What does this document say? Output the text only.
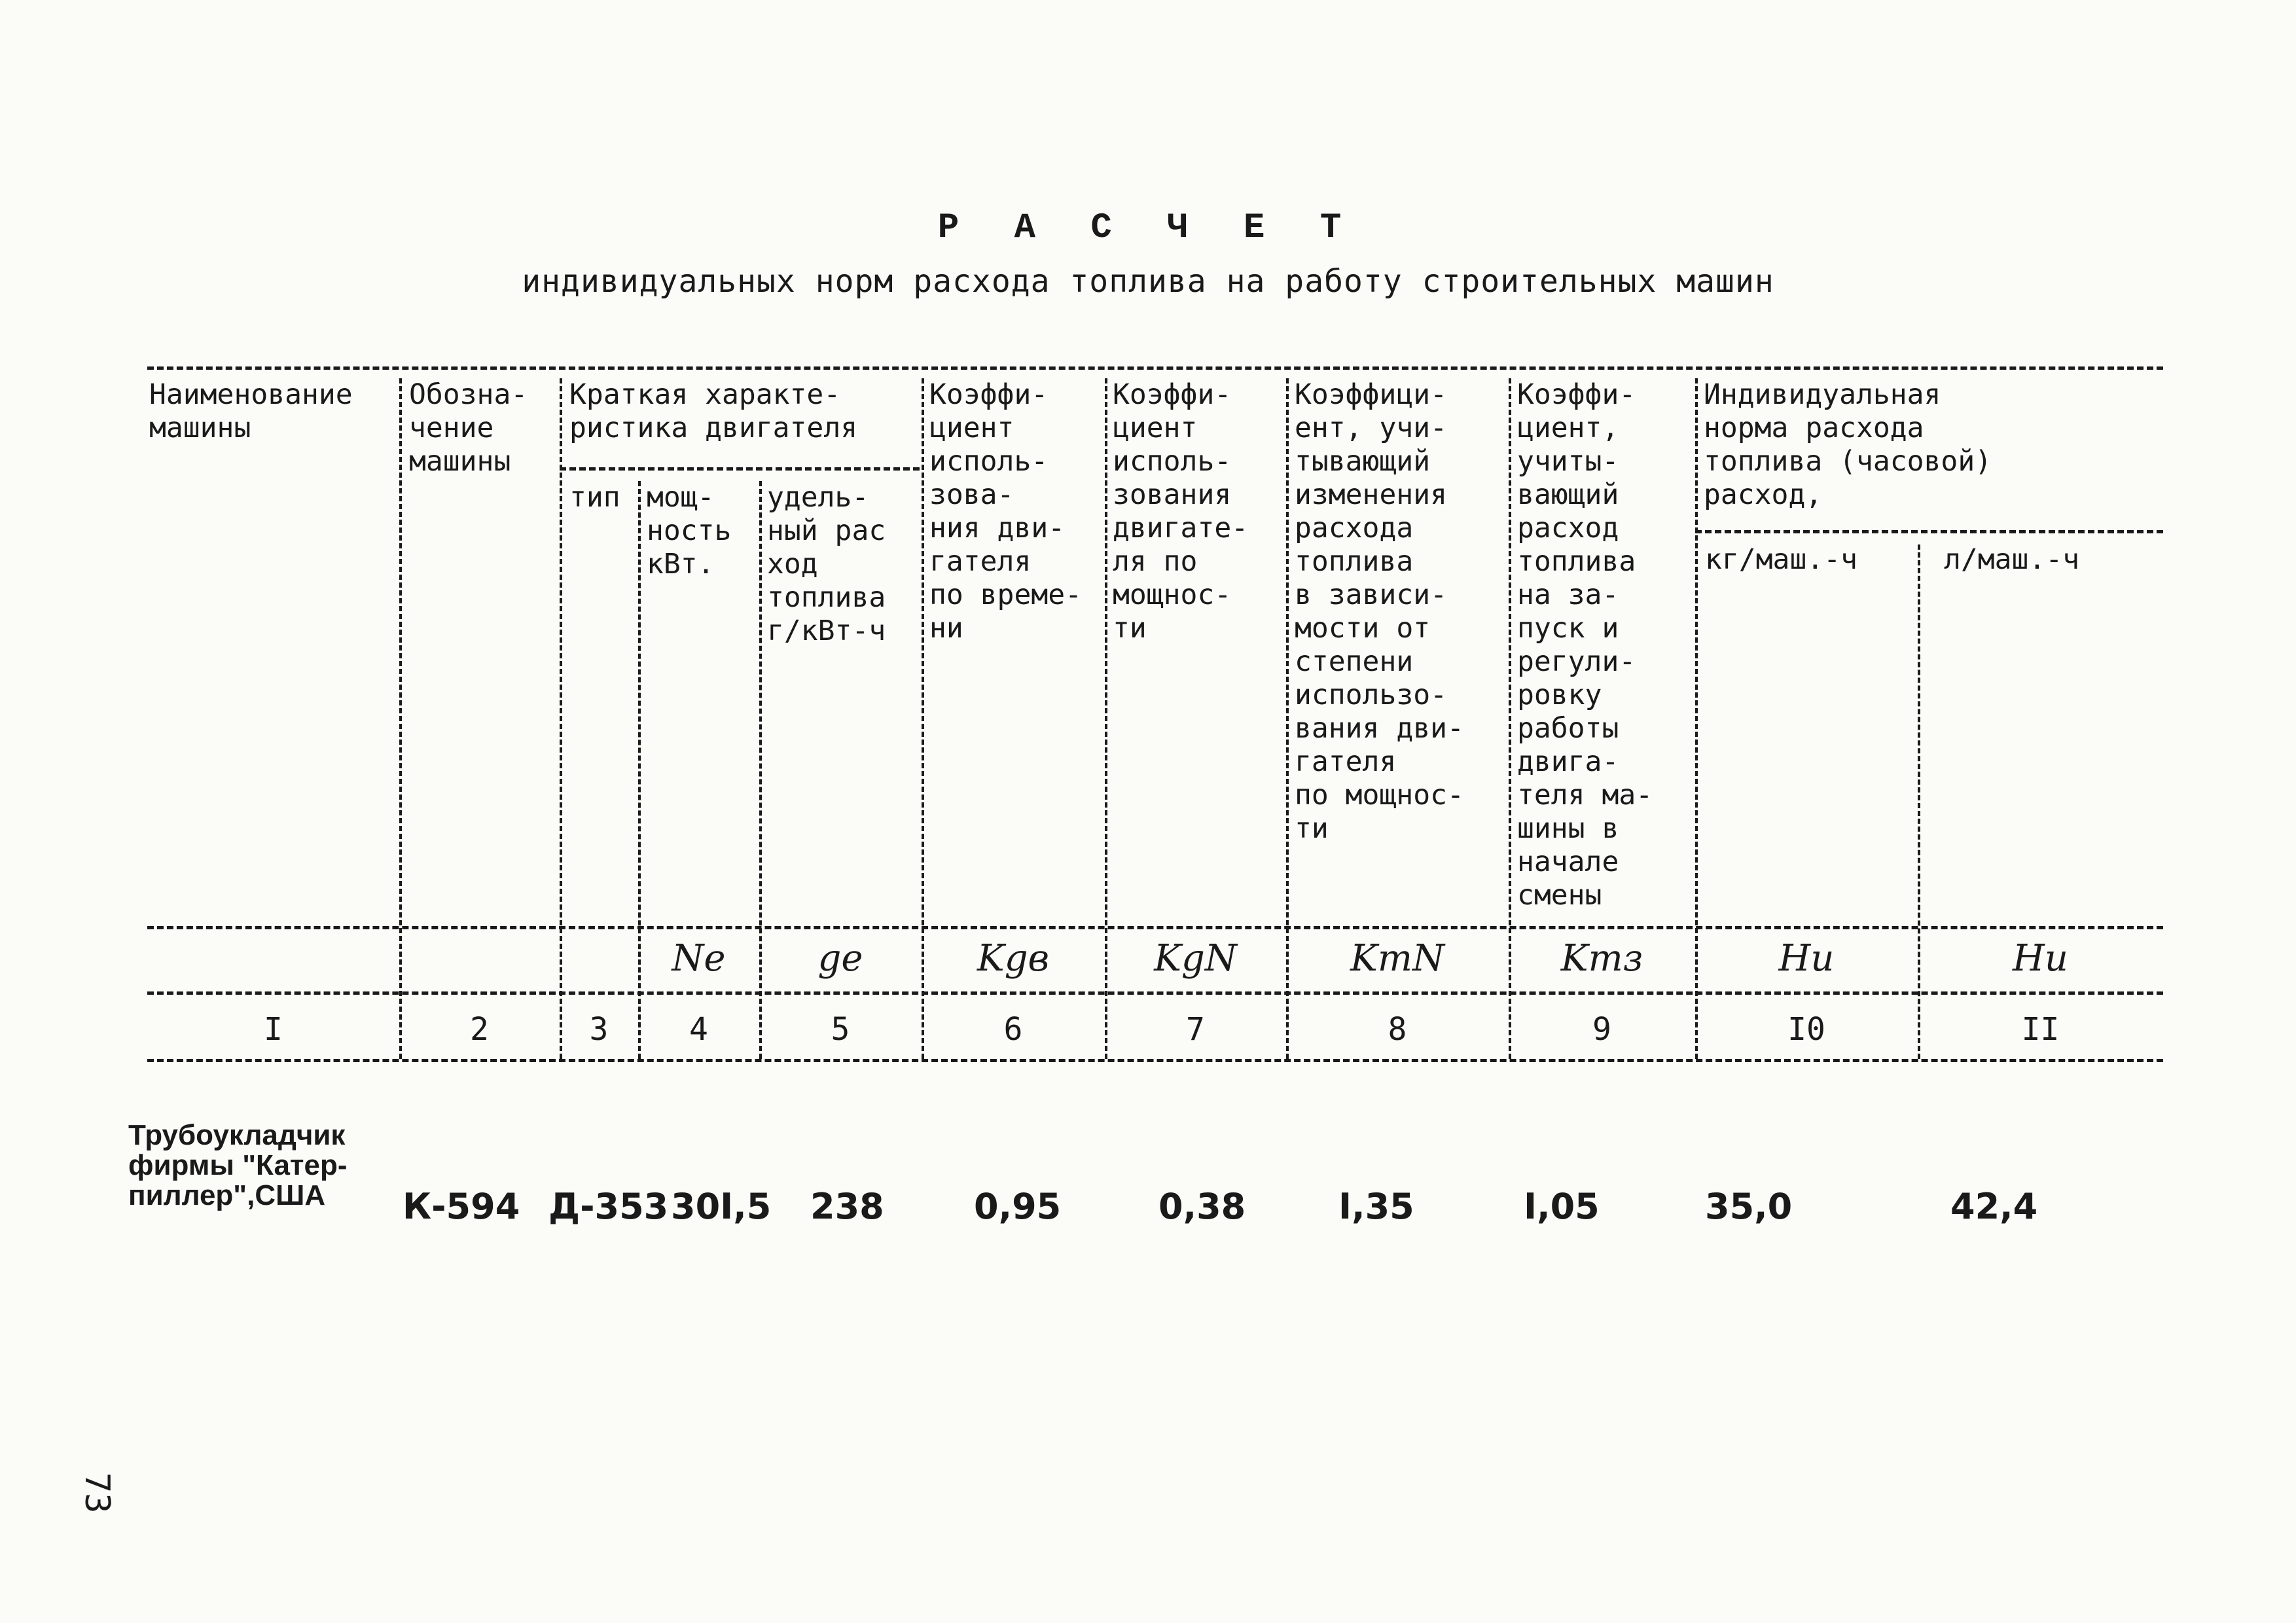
Р А С Ч Е Т
индивидуальных норм расхода топлива на работу строительных машин
Наименование
машины
Обозна-
чение
машины
Краткая характе-
ристика двигателя
тип мощ-
ность
кВт.
удель-
ный рас
ход
топлива
г/кВт-ч
Коэффи-
циент
исполь-
зова-
ния дви-
гателя
по време-
ни
Коэффи-
циент
исполь-
зования
двигате-
ля по
мощнос-
ти
Коэффици-
ент, учи-
тывающий
изменения
расхода
топлива
в зависи-
мости от
степени
использо-
вания дви-
гателя
по мощнос-
ти
Коэффи-
циент,
учиты-
вающий
расход
топлива
на за-
пуск и
регули-
ровку
работы
двига-
теля ма-
шины в
начале
смены
Индивидуальная
норма расхода
топлива (часовой)
расход,
кг/маш.-ч	л/маш.-ч
Ne	ge	Kgв	KgN	KтN	Kтз	Hи	Hи
I	2	3	4	5	6	7	8	9	I0	II
Трубоукладчик
фирмы "Катер-
пиллер",США	К-594 Д-353 30I,5 238	0,95	0,38	I,35	I,05	35,0	42,4
73
